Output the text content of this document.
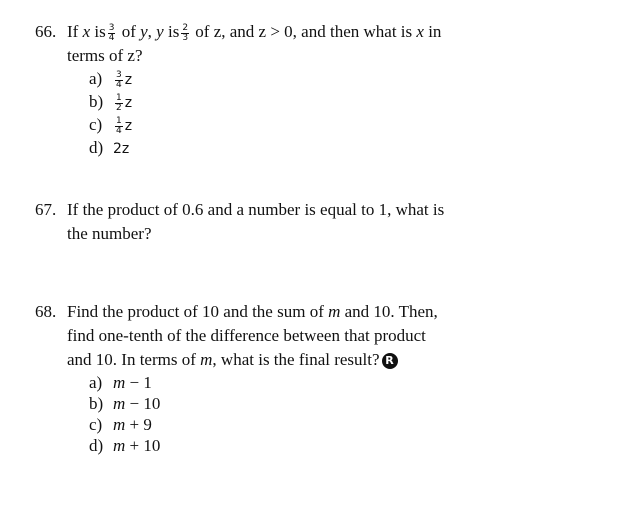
66. If x is $\frac{3}{4}$ of y, y is $\frac{2}{3}$ of z, and z > 0, and then what is x in
terms of z?
$a) \frac{3}{4}$ z
$b) \frac{1}{2}$ z
$c) \frac{1}{4}$ z
d) 2z
67. If the product of 0.6 and a number is equal to 1, what is
the number?
68. Find the product of 10 and the sum of m and 10. Then,
find one-tenth of the difference between that product
and 10. In terms of m, what is the final result? R
a) m − 1
b) m − 10
c) m + 9
d) m + 10
